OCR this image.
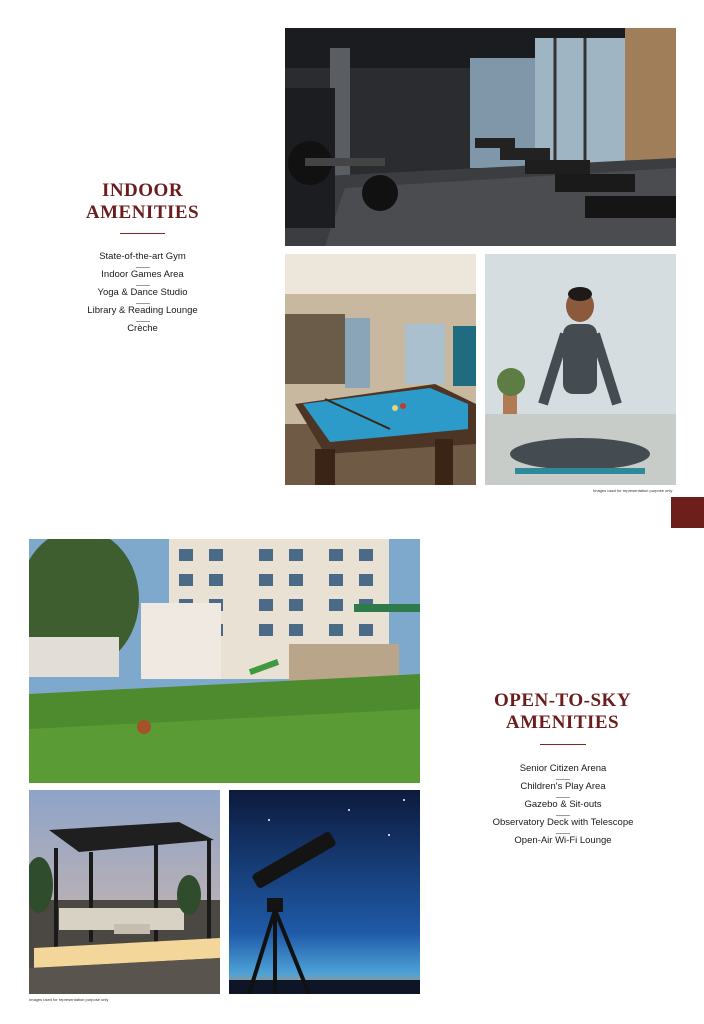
INDOOR
AMENITIES
State-of-the-art Gym
Indoor Games Area
Yoga & Dance Studio
Library & Reading Lounge
Crèche
Images used for representation purpose only
OPEN-TO-SKY
AMENITIES
Senior Citizen Arena
Children's Play Area
Gazebo & Sit-outs
Observatory Deck with Telescope
Open-Air Wi-Fi Lounge
Images used for representation purpose only
